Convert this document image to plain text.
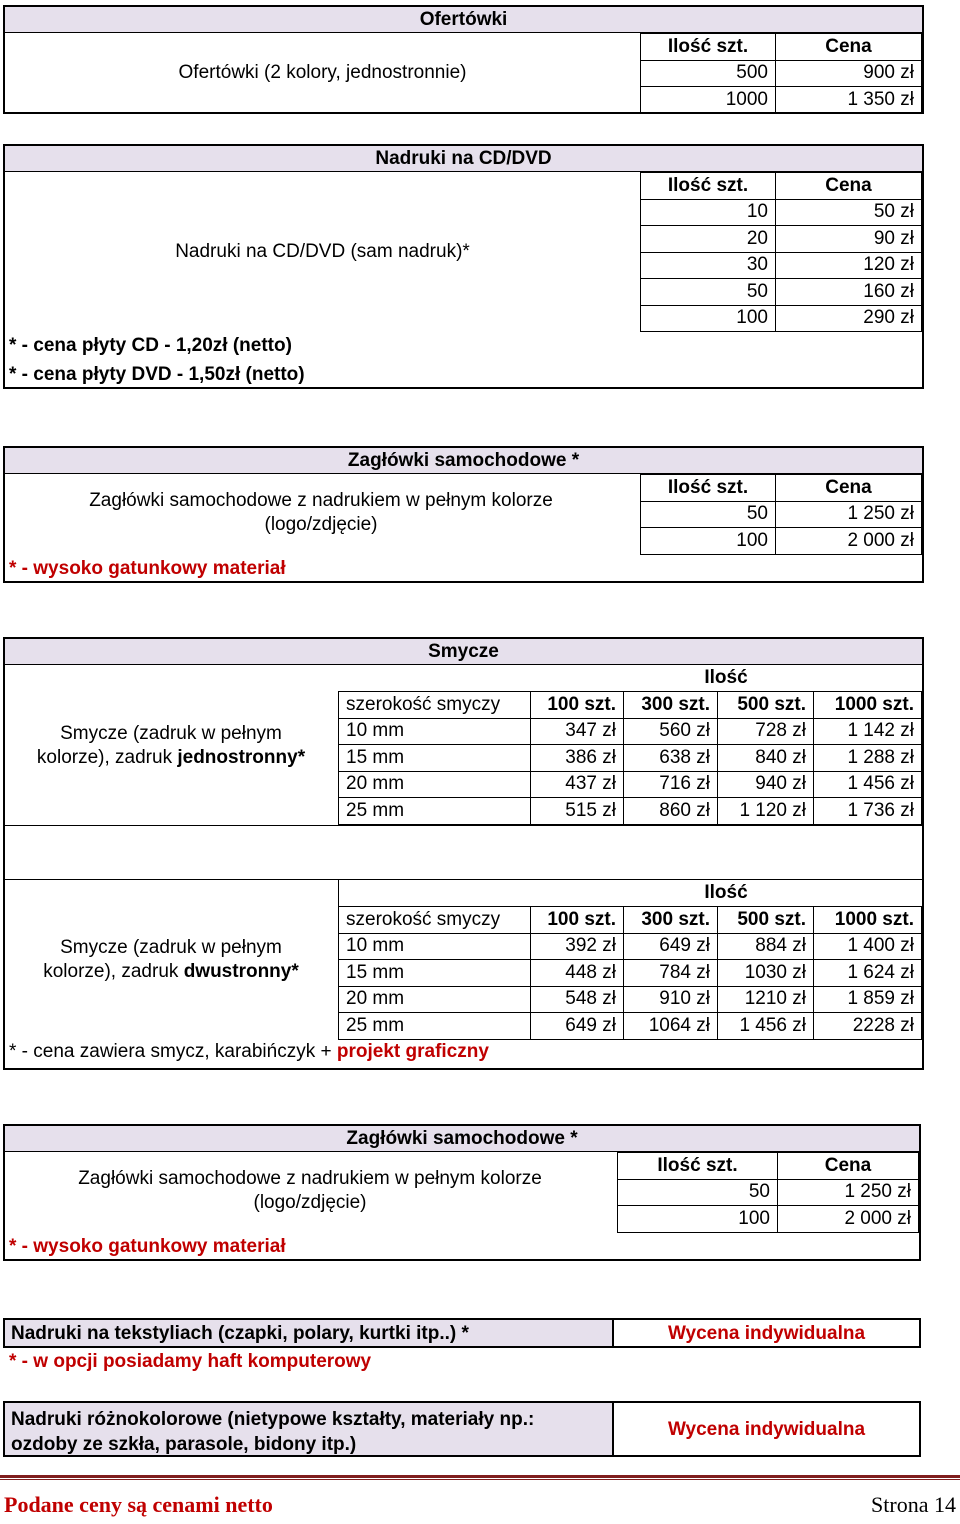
Ofertówki
Ofertówki (2 kolory, jednostronnie)
Ilość szt.	Cena
500	900 zł
1000	1 350 zł
Nadruki na CD/DVD
Nadruki na CD/DVD (sam nadruk)*
* - cena płyty CD - 1,20zł (netto)
* - cena płyty DVD - 1,50zł (netto)
Ilość szt.	Cena
10	50 zł
20	90 zł
30	120 zł
50	160 zł
100	290 zł
Zagłówki samochodowe *
Zagłówki samochodowe z nadrukiem w pełnym kolorze
(logo/zdjęcie)
* - wysoko gatunkowy materiał
Ilość szt.	Cena
50	1 250 zł
100	2 000 zł
Smycze
Smycze (zadruk w pełnym
kolorze), zadruk jednostronny*
	Ilość			
szerokość smyczy	100 szt.	300 szt.	500 szt.	1000 szt.
10 mm	347 zł	560 zł	728 zł	1 142 zł
15 mm	386 zł	638 zł	840 zł	1 288 zł
20 mm	437 zł	716 zł	940 zł	1 456 zł
25 mm	515 zł	860 zł	1 120 zł	1 736 zł
Smycze (zadruk w pełnym
kolorze), zadruk dwustronny*
	Ilość			
szerokość smyczy	100 szt.	300 szt.	500 szt.	1000 szt.
10 mm	392 zł	649 zł	884 zł	1 400 zł
15 mm	448 zł	784 zł	1030 zł	1 624 zł
20 mm	548 zł	910 zł	1210 zł	1 859 zł
25 mm	649 zł	1064 zł	1 456 zł	2228 zł
* - cena zawiera smycz, karabińczyk + projekt graficzny
Zagłówki samochodowe *
Zagłówki samochodowe z nadrukiem w pełnym kolorze
(logo/zdjęcie)
* - wysoko gatunkowy materiał
Ilość szt.	Cena
50	1 250 zł
100	2 000 zł
Nadruki na tekstyliach (czapki, polary, kurtki itp..) *	Wycena indywidualna
* - w opcji posiadamy haft komputerowy
Nadruki różnokolorowe (nietypowe kształty, materiały np.:
ozdoby ze szkła, parasole, bidony itp.)
Wycena indywidualna
Podane ceny są cenami netto	Strona 14
